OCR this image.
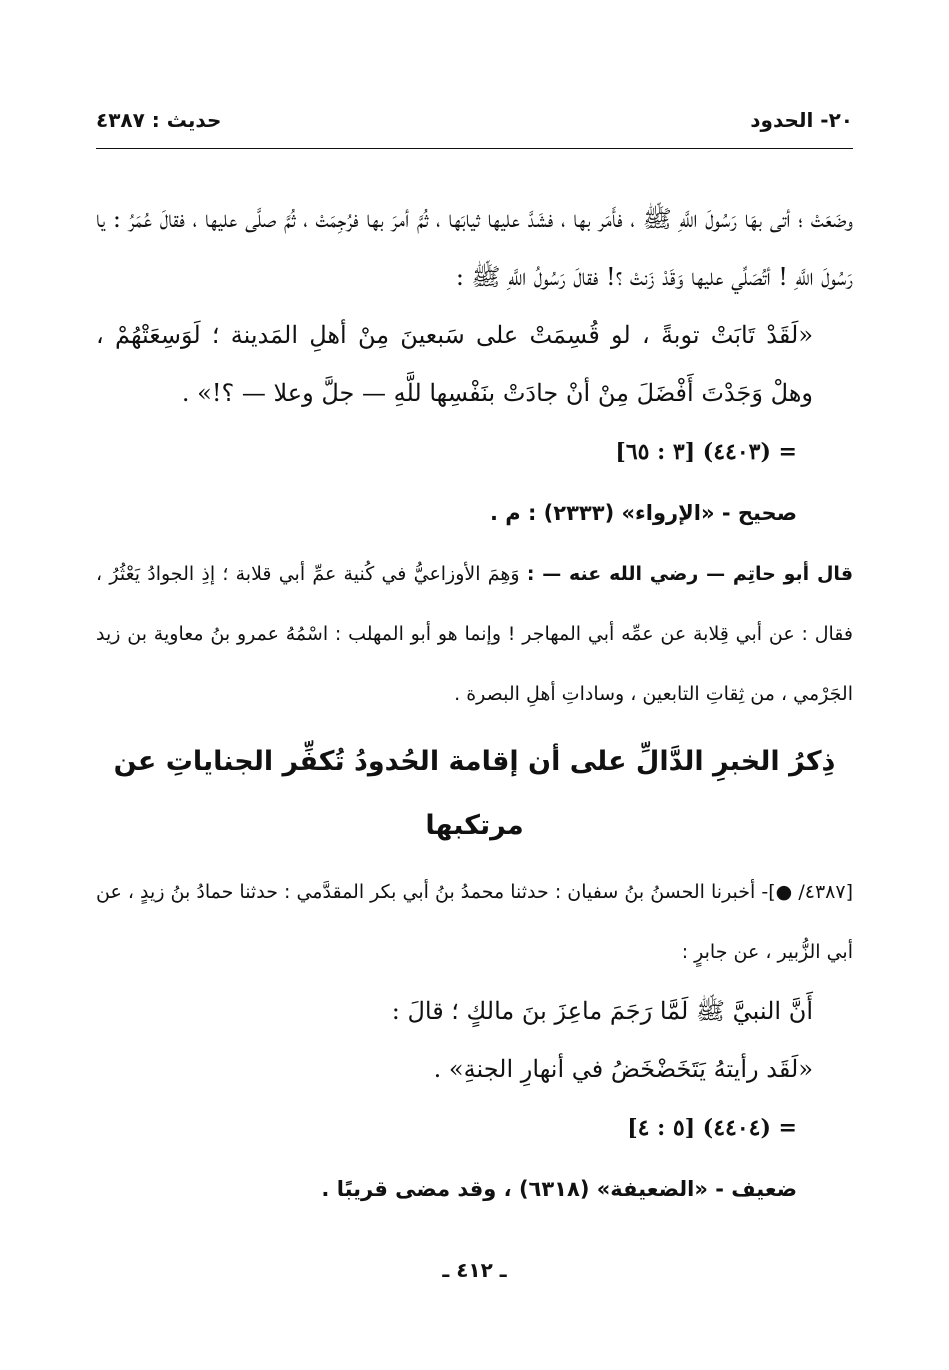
٢٠- الحدود
حديث : ٤٣٨٧

وضَعَتْ ؛ أتى بهَا رَسُولَ اللَّهِ ﷺ ، فأَمَر بها ، فشَدَّ عليها ثيابَها ، ثُمَّ أمرَ بها فرُجِمَتْ ، ثُمَّ صلَّى عليها ، فقالَ عُمَرُ : يا رَسُولَ اللَّهِ ! أتُصَلِّي عليها وَقَدْ زَنتْ ؟! فقالَ رَسُولُ اللَّهِ ﷺ :

«لَقَدْ تَابَتْ توبةً ، لو قُسِمَتْ على سَبعينَ مِنْ أهلِ المَدينة ؛ لَوَسِعَتْهُمْ ، وهلْ وَجَدْتَ أَفْضَلَ مِنْ أنْ جادَتْ بنَفْسِها للَّهِ — جلَّ وعلا — ؟!» .

= (٤٤٠٣) [٣ : ٦٥]

صحيح - «الإرواء» (٢٣٣٣) : م .

قال أبو حاتِم — رضي الله عنه — : وَهِمَ الأوزاعيُّ في كُنية عمِّ أبي قلابة ؛ إذِ الجوادُ يَعْثُرُ ، فقال : عن أبي قِلابة عن عمِّه أبي المهاجر ! وإنما هو أبو المهلب : اسْمُهُ عمرو بنُ معاوية بن زيد الجَرْمي ، من ثِقاتِ التابعين ، وساداتِ أهلِ البصرة .

ذِكرُ الخبرِ الدَّالِّ على أن إقامة الحُدودُ تُكفِّر الجناياتِ عن مرتكبها

[٤٣٨٧/ ●]- أخبرنا الحسنُ بنُ سفيان : حدثنا محمدُ بنُ أبي بكر المقدَّمي : حدثنا حمادُ بنُ زيدٍ ، عن أبي الزُّبير ، عن جابرٍ :

أَنَّ النبيَّ ﷺ لَمَّا رَجَمَ ماعِزَ بنَ مالكٍ ؛ قالَ :

«لَقَد رأيتهُ يَتَخَضْخَضُ في أنهارِ الجنةِ» .

= (٤٤٠٤) [٥ : ٤]

ضعيف - «الضعيفة» (٦٣١٨) ، وقد مضى قريبًا .

ـ ٤١٢ ـ
